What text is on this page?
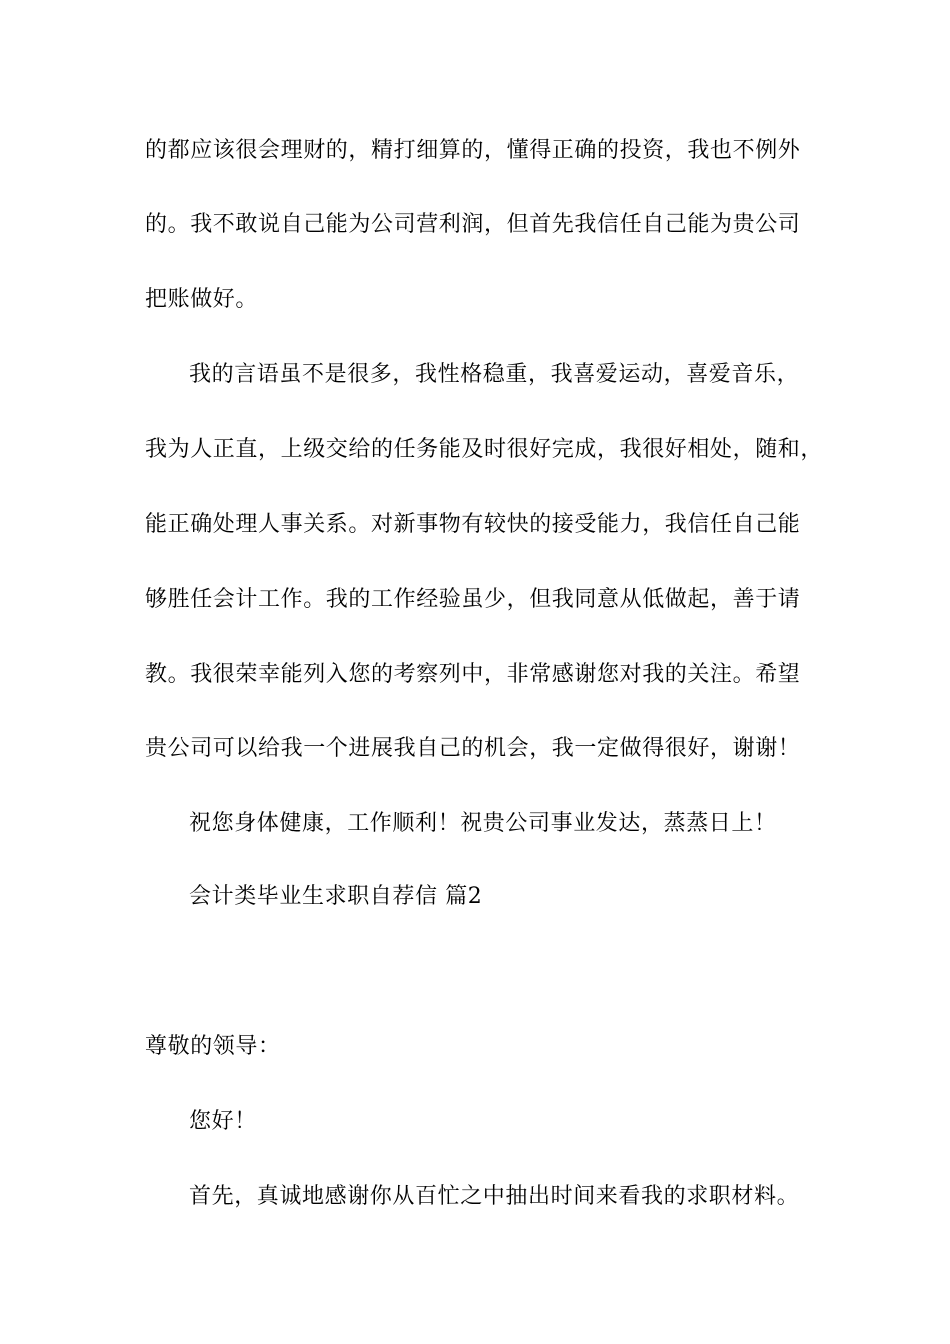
的都应该很会理财的，精打细算的，懂得正确的投资，我也不例外
的。我不敢说自己能为公司营利润，但首先我信任自己能为贵公司
把账做好。
我的言语虽不是很多，我性格稳重，我喜爱运动，喜爱音乐，
我为人正直，上级交给的任务能及时很好完成，我很好相处，随和，
能正确处理人事关系。对新事物有较快的接受能力，我信任自己能
够胜任会计工作。我的工作经验虽少，但我同意从低做起，善于请
教。我很荣幸能列入您的考察列中，非常感谢您对我的关注。希望
贵公司可以给我一个进展我自己的机会，我一定做得很好，谢谢！
祝您身体健康，工作顺利！祝贵公司事业发达，蒸蒸日上！
会计类毕业生求职自荐信 篇2
尊敬的领导：
您好！
首先，真诚地感谢你从百忙之中抽出时间来看我的求职材料。
